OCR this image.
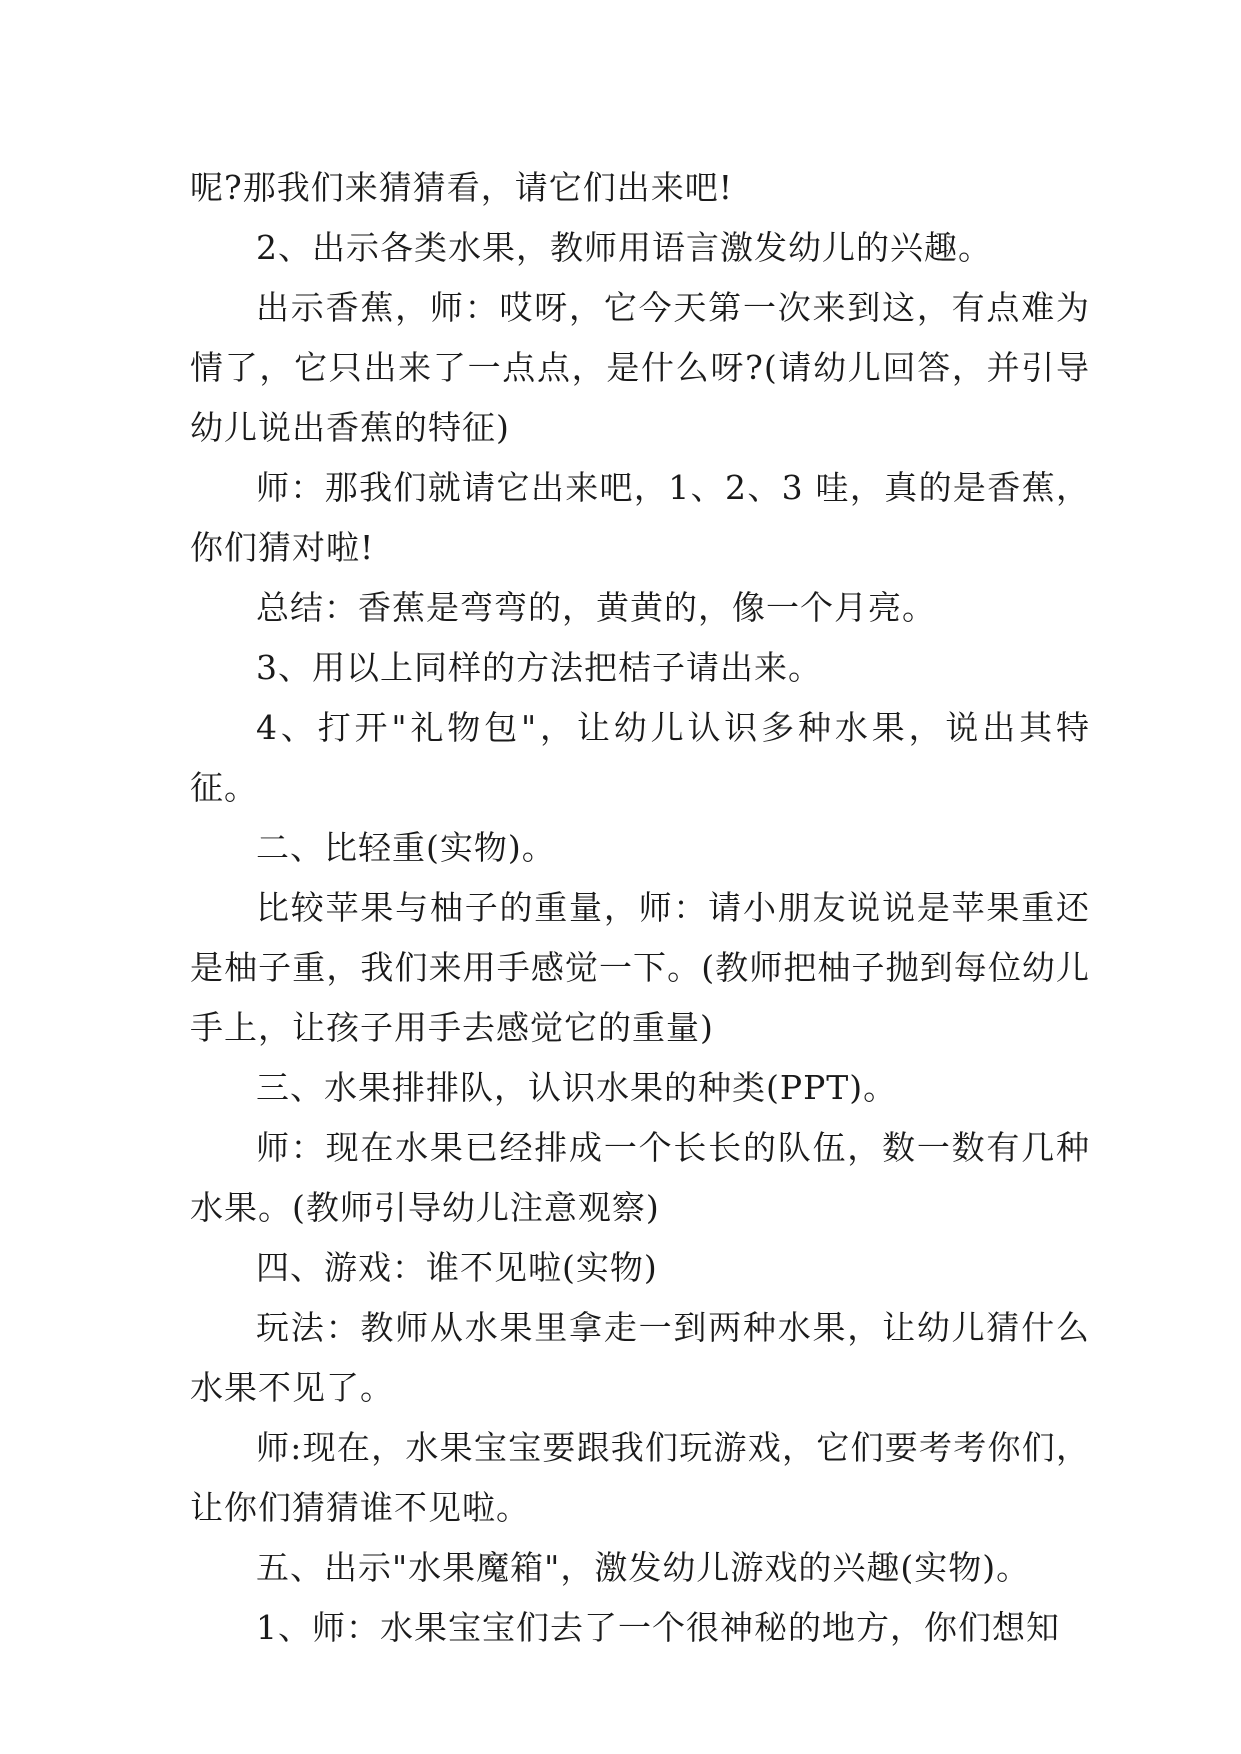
呢?那我们来猜猜看，请它们出来吧!

2、出示各类水果，教师用语言激发幼儿的兴趣。

出示香蕉，师：哎呀，它今天第一次来到这，有点难为情了，它只出来了一点点，是什么呀?(请幼儿回答，并引导幼儿说出香蕉的特征)

师：那我们就请它出来吧，1、2、3 哇，真的是香蕉，你们猜对啦!

总结：香蕉是弯弯的，黄黄的，像一个月亮。

3、用以上同样的方法把桔子请出来。

4、打开"礼物包"，让幼儿认识多种水果，说出其特征。

二、比轻重(实物)。

比较苹果与柚子的重量，师：请小朋友说说是苹果重还是柚子重，我们来用手感觉一下。(教师把柚子抛到每位幼儿手上，让孩子用手去感觉它的重量)

三、水果排排队，认识水果的种类(PPT)。

师：现在水果已经排成一个长长的队伍，数一数有几种水果。(教师引导幼儿注意观察)

四、游戏：谁不见啦(实物)

玩法：教师从水果里拿走一到两种水果，让幼儿猜什么水果不见了。

师:现在，水果宝宝要跟我们玩游戏，它们要考考你们，让你们猜猜谁不见啦。

五、出示"水果魔箱"，激发幼儿游戏的兴趣(实物)。

1、师：水果宝宝们去了一个很神秘的地方，你们想知
